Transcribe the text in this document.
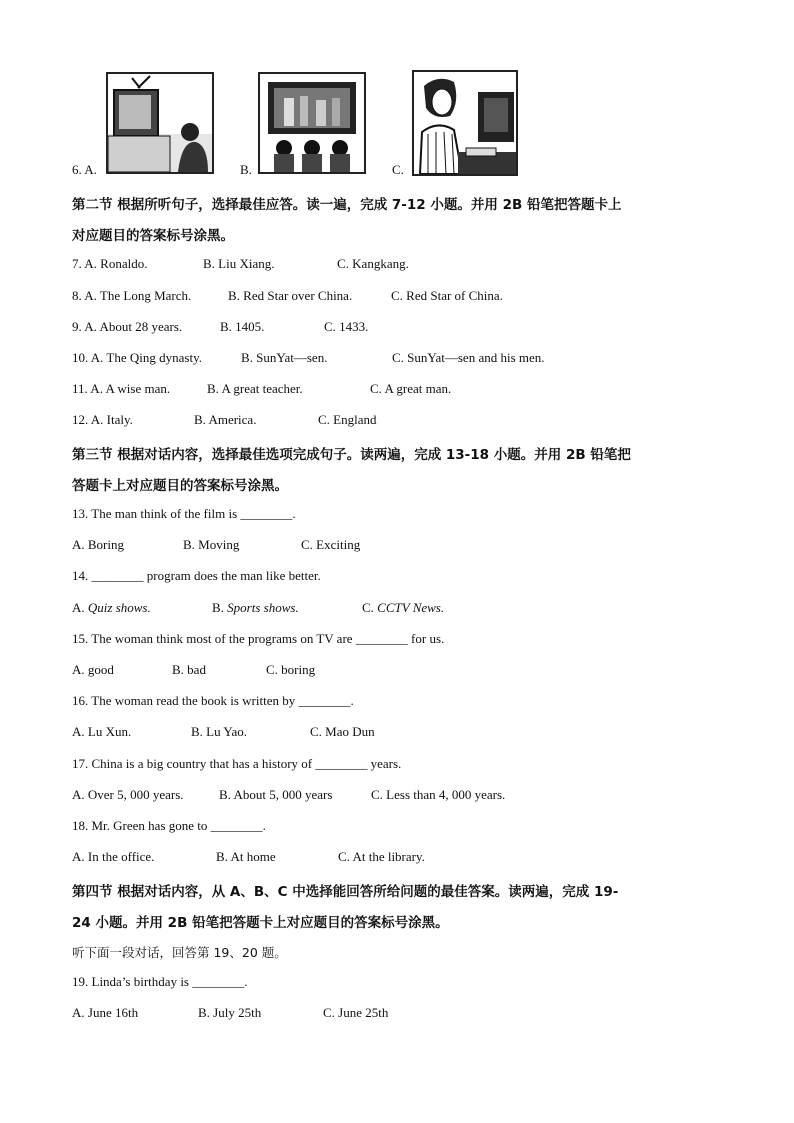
6. A.	B.	C.
第二节 根据所听句子，选择最佳应答。读一遍，完成 7-12 小题。并用 2B 铅笔把答题卡上
对应题目的答案标号涂黑。
7. A. Ronaldo.	B. Liu Xiang.	C. Kangkang.
8. A. The Long March.	B. Red Star over China.	C. Red Star of China.
9. A. About 28 years.	B. 1405.	C. 1433.
10. A. The Qing dynasty.	B. SunYat—sen.	C. SunYat—sen and his men.
11. A. A wise man.	B. A great teacher.	C. A great man.
12. A. Italy.	B. America.	C. England
第三节 根据对话内容，选择最佳选项完成句子。读两遍，完成 13-18 小题。并用 2B 铅笔把
答题卡上对应题目的答案标号涂黑。
13. The man think of the film is ________.
A. Boring	B. Moving	C. Exciting
14. ________ program does the man like better.
A. Quiz shows.	B. Sports shows.	C. CCTV News.
15. The woman think most of the programs on TV are ________ for us.
A. good	B. bad	C. boring
16. The woman read the book is written by ________.
A. Lu Xun.	B. Lu Yao.	C. Mao Dun
17. China is a big country that has a history of ________ years.
A. Over 5, 000 years.	B. About 5, 000 years	C. Less than 4, 000 years.
18. Mr. Green has gone to ________.
A. In the office.	B. At home	C. At the library.
第四节 根据对话内容，从 A、B、C 中选择能回答所给问题的最佳答案。读两遍，完成 19-
24 小题。并用 2B 铅笔把答题卡上对应题目的答案标号涂黑。
听下面一段对话，回答第 19、20 题。
19. Linda’s birthday is ________.
A. June 16th	B. July 25th	C. June 25th
